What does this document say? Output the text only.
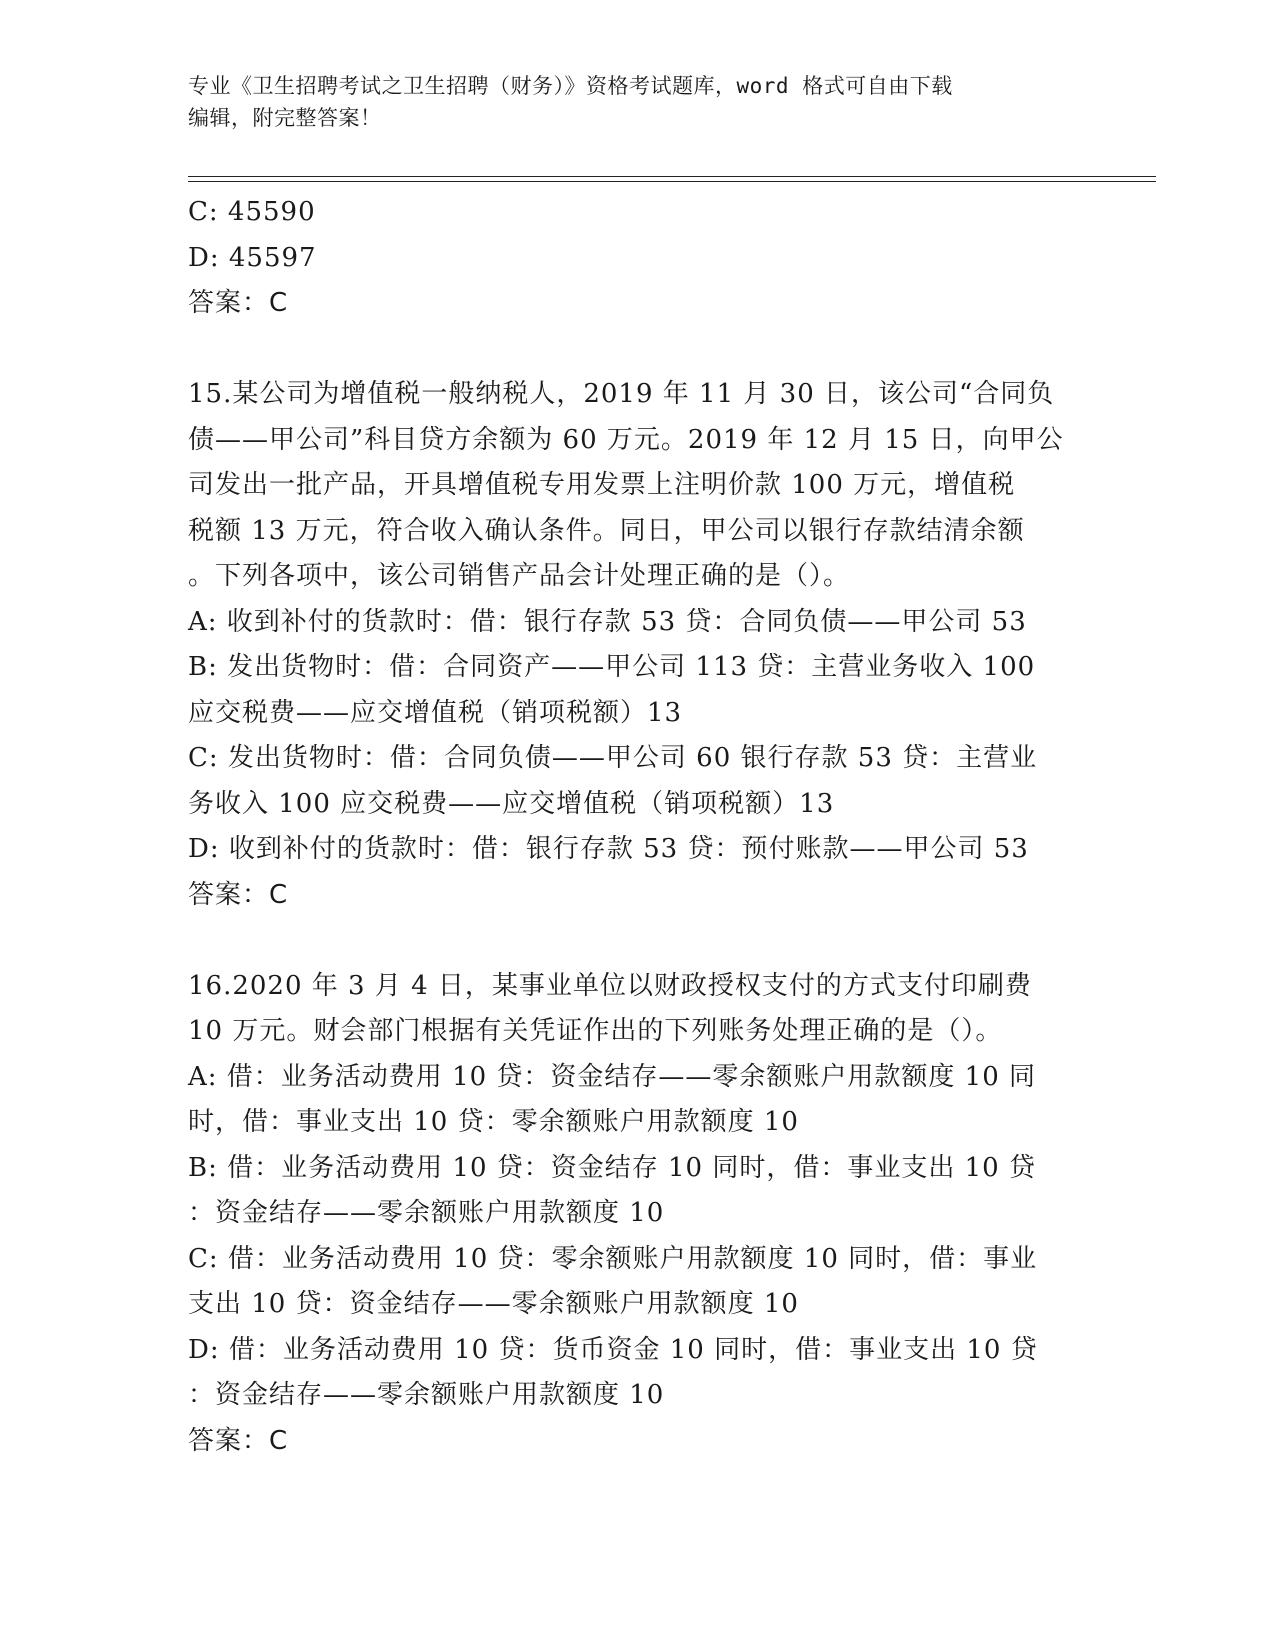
专业《卫生招聘考试之卫生招聘（财务）》资格考试题库，word 格式可自由下载
编辑，附完整答案！
C: 45590
D: 45597
答案：C
15.某公司为增值税一般纳税人，2019 年 11 月 30 日，该公司“合同负
债——甲公司”科目贷方余额为 60 万元。2019 年 12 月 15 日，向甲公
司发出一批产品，开具增值税专用发票上注明价款 100 万元，增值税
税额 13 万元，符合收入确认条件。同日，甲公司以银行存款结清余额
。下列各项中，该公司销售产品会计处理正确的是（）。
A: 收到补付的货款时：借：银行存款 53 贷：合同负债——甲公司 53
B: 发出货物时：借：合同资产——甲公司 113 贷：主营业务收入 100
应交税费——应交增值税（销项税额）13
C: 发出货物时：借：合同负债——甲公司 60 银行存款 53 贷：主营业
务收入 100 应交税费——应交增值税（销项税额）13
D: 收到补付的货款时：借：银行存款 53 贷：预付账款——甲公司 53
答案：C
16.2020 年 3 月 4 日，某事业单位以财政授权支付的方式支付印刷费
10 万元。财会部门根据有关凭证作出的下列账务处理正确的是（）。
A: 借：业务活动费用 10 贷：资金结存——零余额账户用款额度 10 同
时，借：事业支出 10 贷：零余额账户用款额度 10
B: 借：业务活动费用 10 贷：资金结存 10 同时，借：事业支出 10 贷
：资金结存——零余额账户用款额度 10
C: 借：业务活动费用 10 贷：零余额账户用款额度 10 同时，借：事业
支出 10 贷：资金结存——零余额账户用款额度 10
D: 借：业务活动费用 10 贷：货币资金 10 同时，借：事业支出 10 贷
：资金结存——零余额账户用款额度 10
答案：C
